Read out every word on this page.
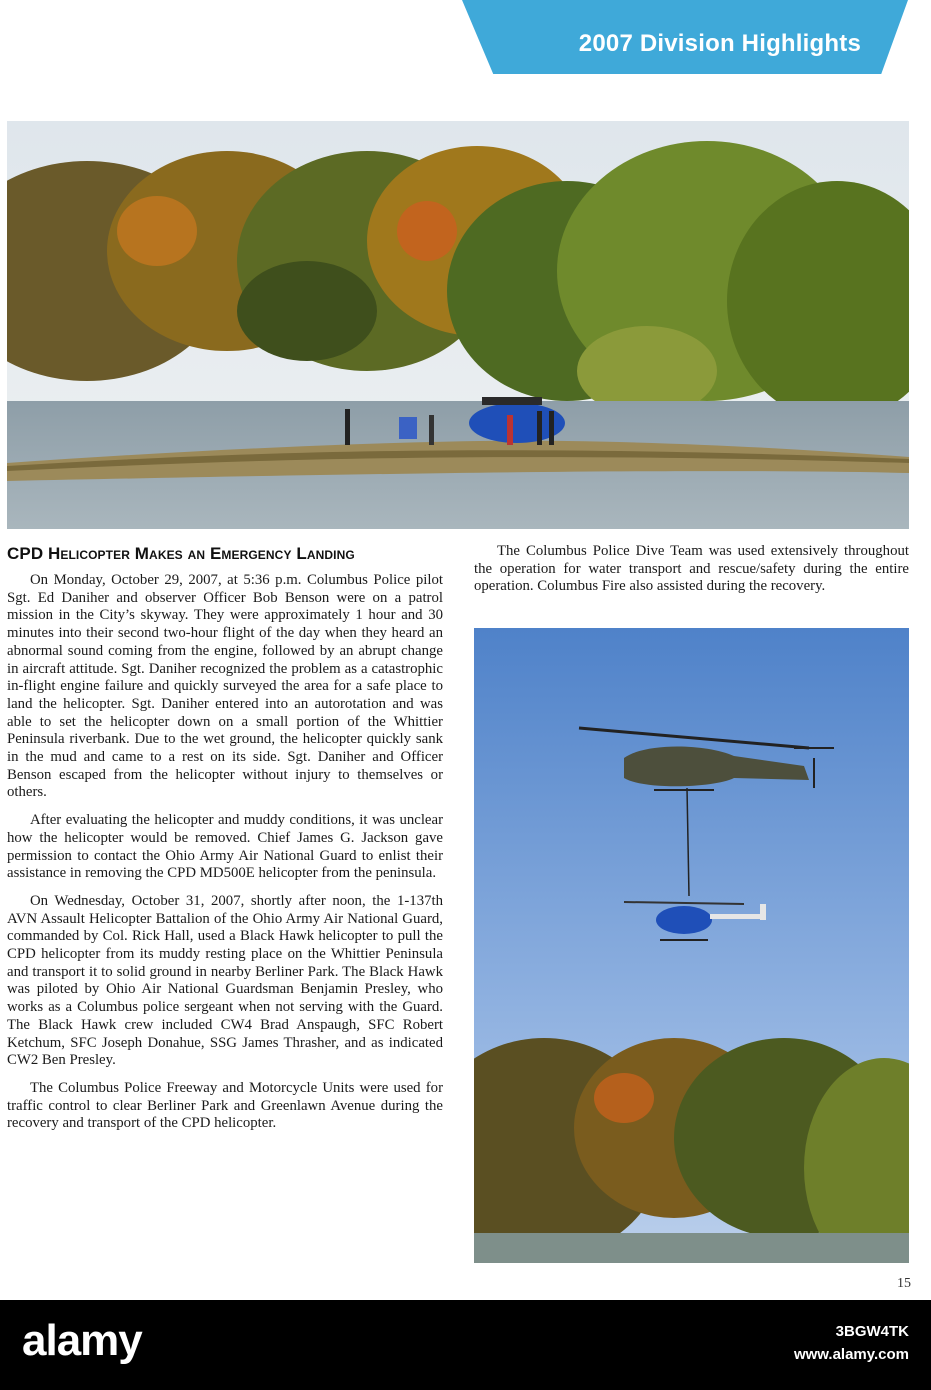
2007 Division Highlights
CPD Helicopter Makes an Emergency Landing

On Monday, October 29, 2007, at 5:36 p.m. Columbus Police pilot Sgt. Ed Daniher and observer Officer Bob Benson were on a patrol mission in the City’s skyway. They were approximately 1 hour and 30 minutes into their second two-hour flight of the day when they heard an abnormal sound coming from the engine, followed by an abrupt change in aircraft attitude. Sgt. Daniher recognized the problem as a catastrophic in-flight engine failure and quickly surveyed the area for a safe place to land the helicopter. Sgt. Daniher entered into an autorotation and was able to set the helicopter down on a small portion of the Whittier Peninsula riverbank. Due to the wet ground, the helicopter quickly sank in the mud and came to a rest on its side. Sgt. Daniher and Officer Benson escaped from the helicopter without injury to themselves or others.

After evaluating the helicopter and muddy conditions, it was unclear how the helicopter would be removed. Chief James G. Jackson gave permission to contact the Ohio Army Air National Guard to enlist their assistance in removing the CPD MD500E helicopter from the peninsula.

On Wednesday, October 31, 2007, shortly after noon, the 1-137th AVN Assault Helicopter Battalion of the Ohio Army Air National Guard, commanded by Col. Rick Hall, used a Black Hawk helicopter to pull the CPD helicopter from its muddy resting place on the Whittier Peninsula and transport it to solid ground in nearby Berliner Park. The Black Hawk was piloted by Ohio Air National Guardsman Benjamin Presley, who works as a Columbus police sergeant when not serving with the Guard. The Black Hawk crew included CW4 Brad Anspaugh, SFC Robert Ketchum, SFC Joseph Donahue, SSG James Thrasher, and as indicated CW2 Ben Presley.

The Columbus Police Freeway and Motorcycle Units were used for traffic control to clear Berliner Park and Greenlawn Avenue during the recovery and transport of the CPD helicopter.

The Columbus Police Dive Team was used extensively throughout the operation for water transport and rescue/safety during the entire operation. Columbus Fire also assisted during the recovery.

15
alamy	3BGW4TK
www.alamy.com
